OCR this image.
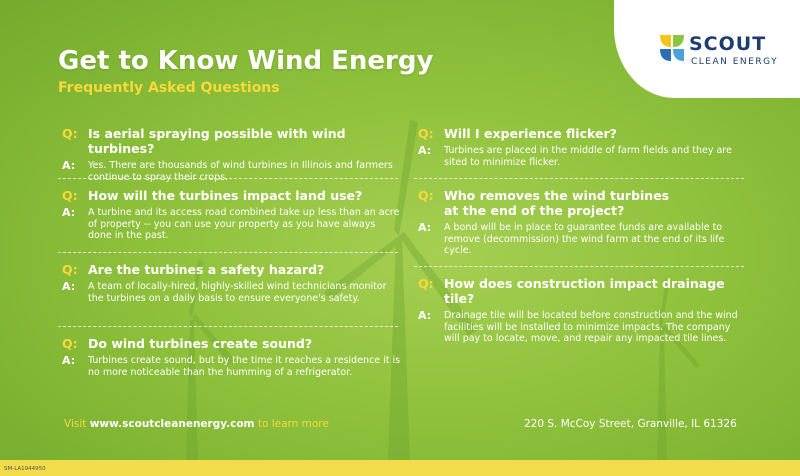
SCOUT
CLEAN ENERGY
Get to Know Wind Energy
Frequently Asked Questions
Q: Is aerial spraying possible with wind turbines?
A:	Yes. There are thousands of wind turbines in Illinois and farmers continue to spray their crops.
Q: How will the turbines impact land use?
A:	A turbine and its access road combined take up less than an acre of property -- you can use your property as you have always done in the past.
Q: Are the turbines a safety hazard?
A:	A team of locally-hired, highly-skilled wind technicians monitor the turbines on a daily basis to ensure everyone's safety.
Q: Do wind turbines create sound?
A:	Turbines create sound, but by the time it reaches a residence it is no more noticeable than the humming of a refrigerator.
Q: Will I experience flicker?
A:	Turbines are placed in the middle of farm fields and they are sited to minimize flicker.
Q: Who removes the wind turbines at the end of the project?
A:	A bond will be in place to guarantee funds are available to remove (decommission) the wind farm at the end of its life cycle.
Q: How does construction impact drainage tile?
A:	Drainage tile will be located before construction and the wind facilities will be installed to minimize impacts. The company will pay to locate, move, and repair any impacted tile lines.
Visit www.scoutcleanenergy.com to learn more	220 S. McCoy Street, Granville, IL 61326
SM-LA1944950
